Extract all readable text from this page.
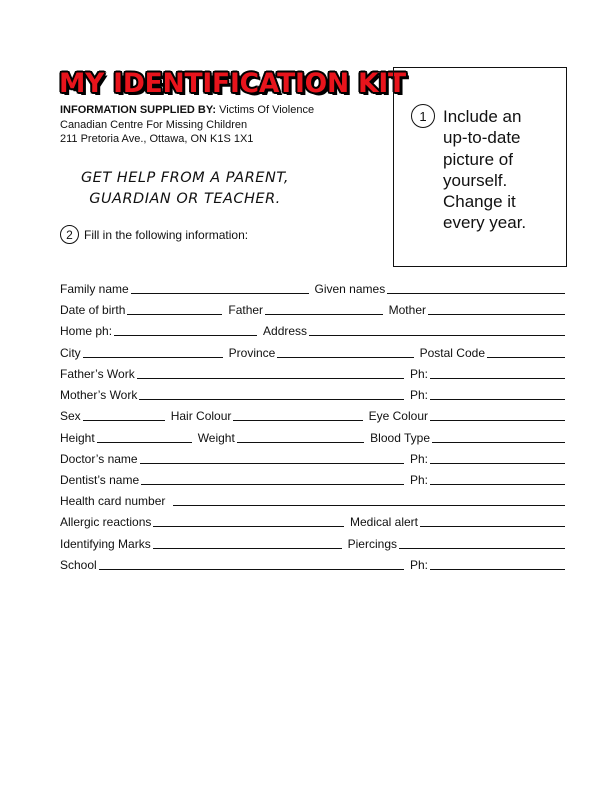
MY IDENTIFICATION KIT
INFORMATION SUPPLIED BY: Victims Of Violence
Canadian Centre For Missing Children
211 Pretoria Ave., Ottawa, ON K1S 1X1
GET HELP FROM A PARENT,
GUARDIAN OR TEACHER.
2 Fill in the following information:
1 Include an
up-to-date
picture of
yourself.
Change it
every year.
Family name	Given names
Date of birth	Father	Mother
Home ph:	Address
City	Province	Postal Code
Father’s Work	Ph:
Mother’s Work	Ph:
Sex	Hair Colour	Eye Colour
Height	Weight	Blood Type
Doctor’s name	Ph:
Dentist’s name	Ph:
Health card number
Allergic reactions	Medical alert
Identifying Marks	Piercings
School	Ph:
